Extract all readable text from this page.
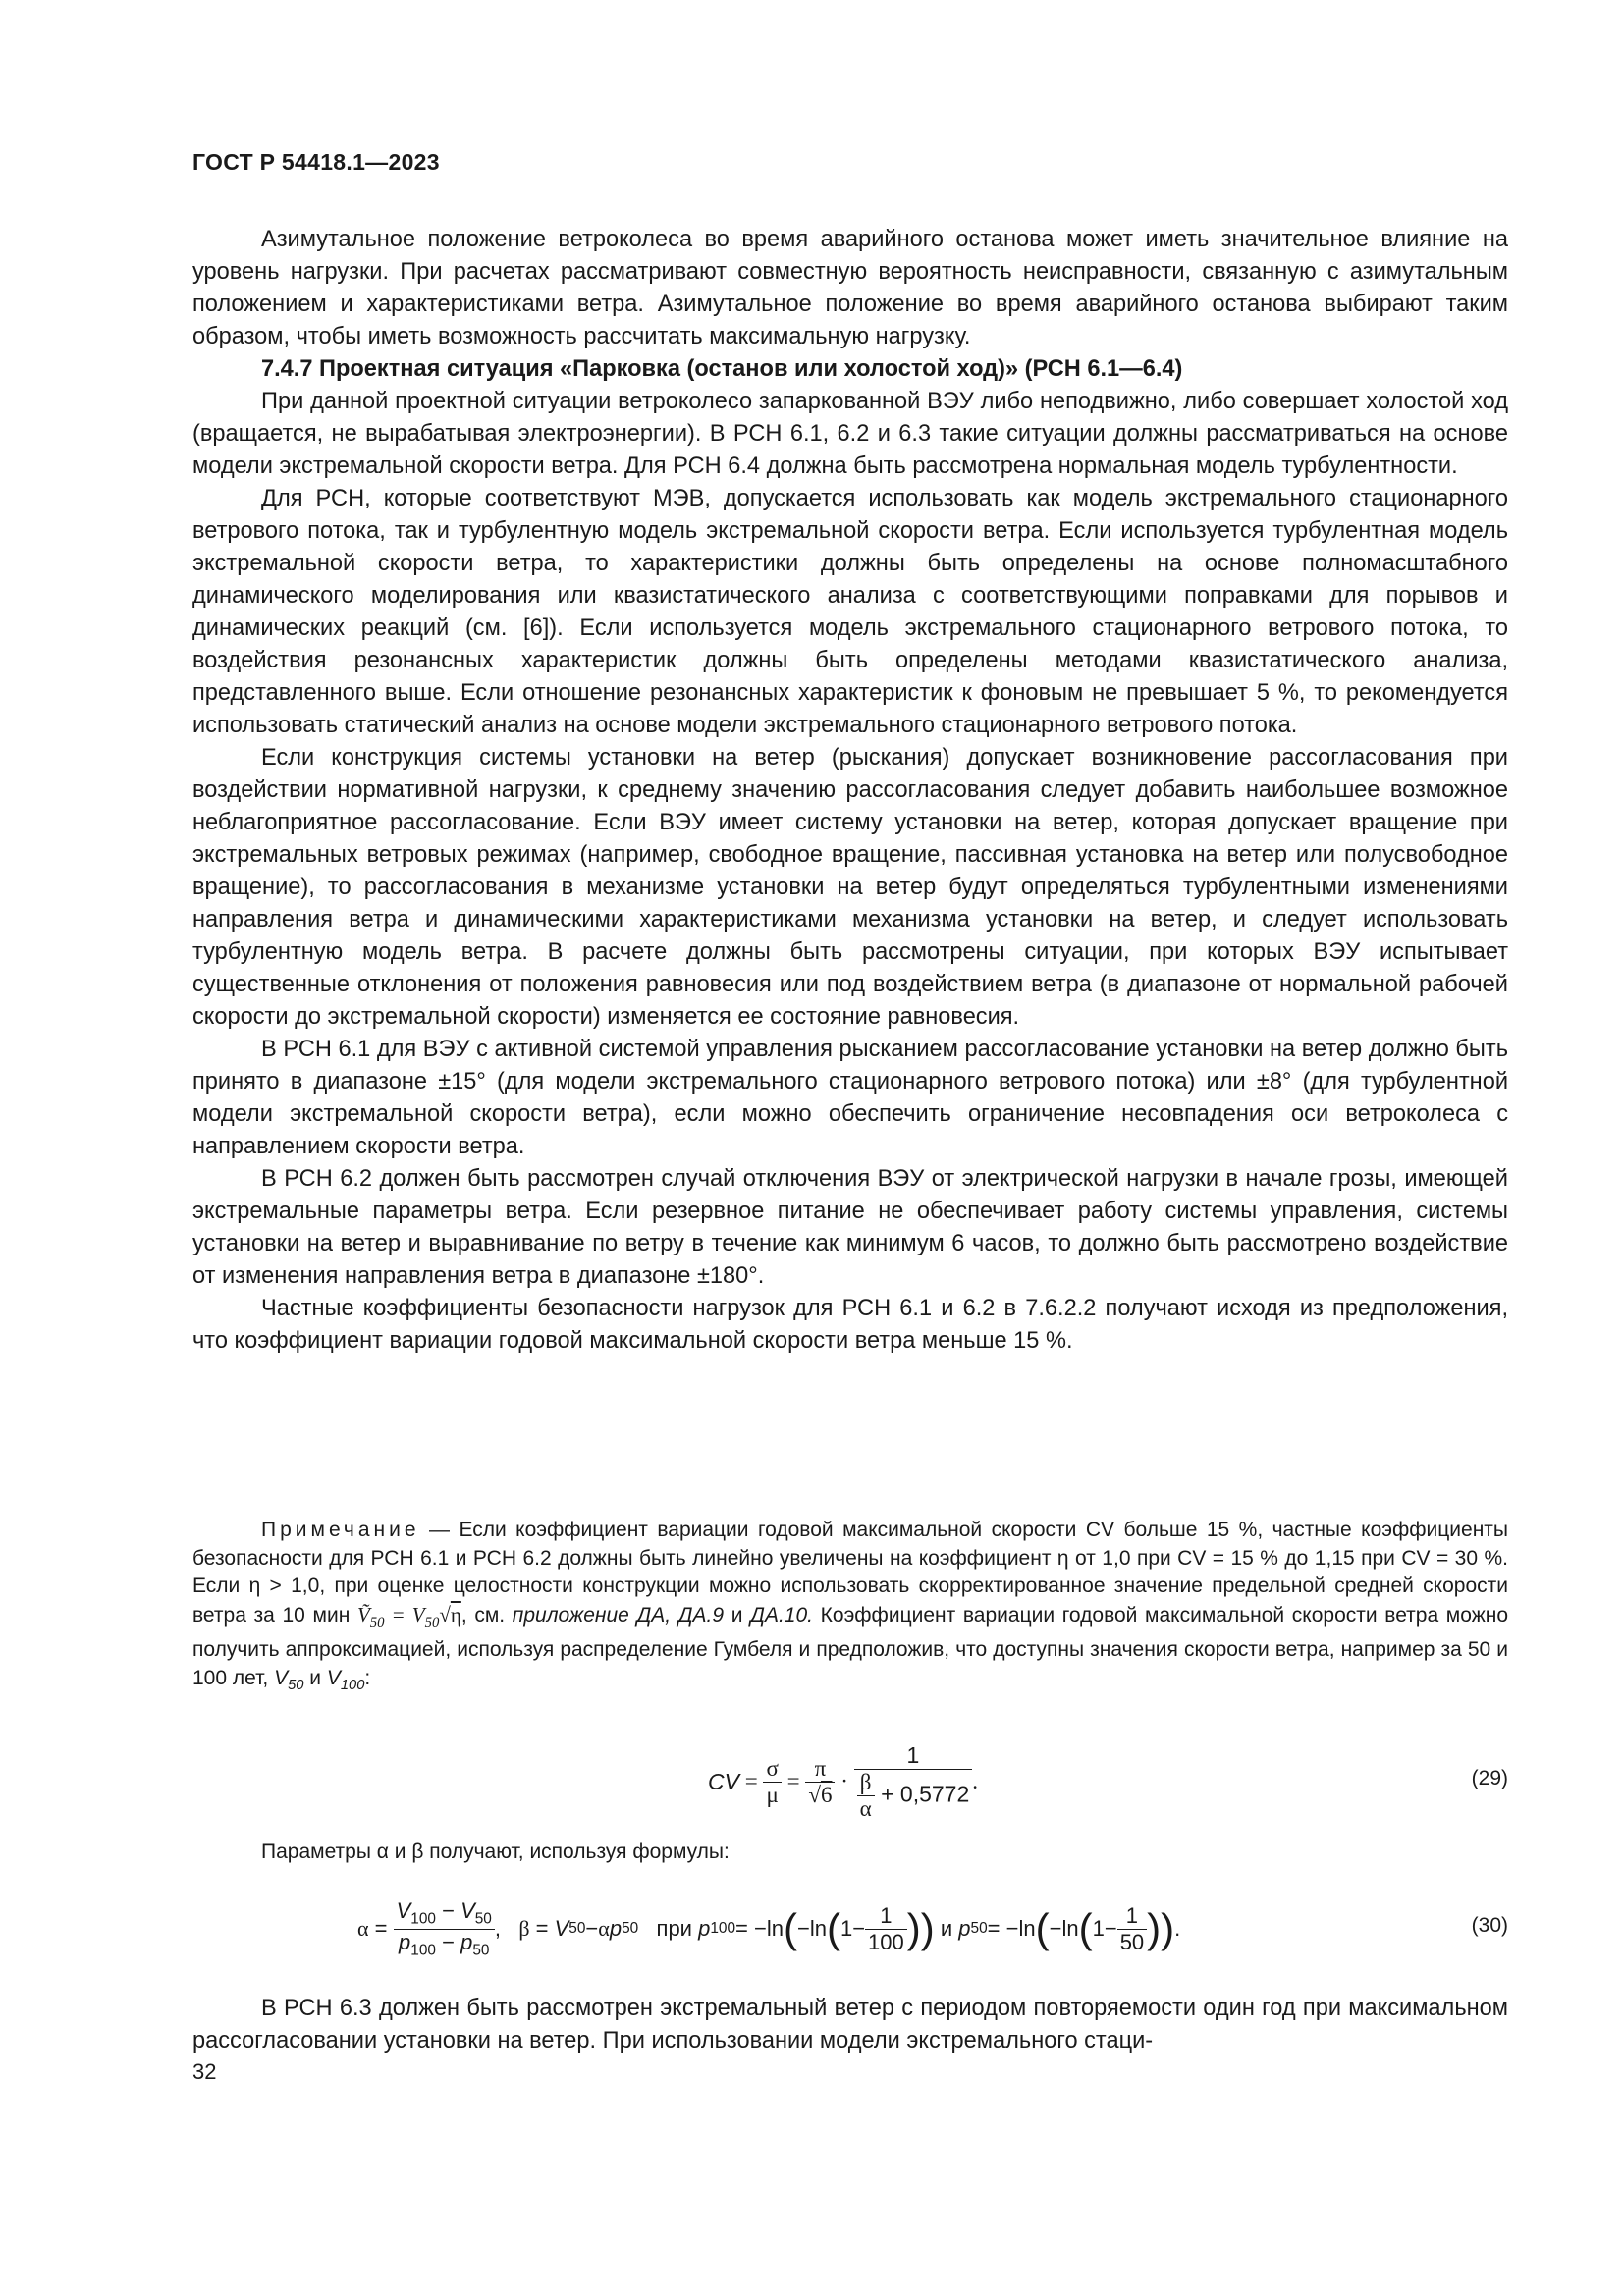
ГОСТ Р 54418.1—2023

Азимутальное положение ветроколеса во время аварийного останова может иметь значительное влияние на уровень нагрузки. При расчетах рассматривают совместную вероятность неисправности, связанную с азимутальным положением и характеристиками ветра. Азимутальное положение во время аварийного останова выбирают таким образом, чтобы иметь возможность рассчитать максимальную нагрузку.

7.4.7 Проектная ситуация «Парковка (останов или холостой ход)» (РСН 6.1—6.4)

При данной проектной ситуации ветроколесо запаркованной ВЭУ либо неподвижно, либо совершает холостой ход (вращается, не вырабатывая электроэнергии). В РСН 6.1, 6.2 и 6.3 такие ситуации должны рассматриваться на основе модели экстремальной скорости ветра. Для РСН 6.4 должна быть рассмотрена нормальная модель турбулентности.

Для РСН, которые соответствуют МЭВ, допускается использовать как модель экстремального стационарного ветрового потока, так и турбулентную модель экстремальной скорости ветра. Если используется турбулентная модель экстремальной скорости ветра, то характеристики должны быть определены на основе полномасштабного динамического моделирования или квазистатического анализа с соответствующими поправками для порывов и динамических реакций (см. [6]). Если используется модель экстремального стационарного ветрового потока, то воздействия резонансных характеристик должны быть определены методами квазистатического анализа, представленного выше. Если отношение резонансных характеристик к фоновым не превышает 5 %, то рекомендуется использовать статический анализ на основе модели экстремального стационарного ветрового потока.

Если конструкция системы установки на ветер (рыскания) допускает возникновение рассогласования при воздействии нормативной нагрузки, к среднему значению рассогласования следует добавить наибольшее возможное неблагоприятное рассогласование. Если ВЭУ имеет систему установки на ветер, которая допускает вращение при экстремальных ветровых режимах (например, свободное вращение, пассивная установка на ветер или полусвободное вращение), то рассогласования в механизме установки на ветер будут определяться турбулентными изменениями направления ветра и динамическими характеристиками механизма установки на ветер, и следует использовать турбулентную модель ветра. В расчете должны быть рассмотрены ситуации, при которых ВЭУ испытывает существенные отклонения от положения равновесия или под воздействием ветра (в диапазоне от нормальной рабочей скорости до экстремальной скорости) изменяется ее состояние равновесия.

В РСН 6.1 для ВЭУ с активной системой управления рысканием рассогласование установки на ветер должно быть принято в диапазоне ±15° (для модели экстремального стационарного ветрового потока) или ±8° (для турбулентной модели экстремальной скорости ветра), если можно обеспечить ограничение несовпадения оси ветроколеса с направлением скорости ветра.

В РСН 6.2 должен быть рассмотрен случай отключения ВЭУ от электрической нагрузки в начале грозы, имеющей экстремальные параметры ветра. Если резервное питание не обеспечивает работу системы управления, системы установки на ветер и выравнивание по ветру в течение как минимум 6 часов, то должно быть рассмотрено воздействие от изменения направления ветра в диапазоне ±180°.

Частные коэффициенты безопасности нагрузок для РСН 6.1 и 6.2 в 7.6.2.2 получают исходя из предположения, что коэффициент вариации годовой максимальной скорости ветра меньше 15 %.

Примечание — Если коэффициент вариации годовой максимальной скорости CV больше 15 %, частные коэффициенты безопасности для РСН 6.1 и РСН 6.2 должны быть линейно увеличены на коэффициент η от 1,0 при CV = 15 % до 1,15 при CV = 30 %. Если η > 1,0, при оценке целостности конструкции можно использовать скорректированное значение предельной средней скорости ветра за 10 мин Ṽ$_{50}$ = $V_{50}√\eta$, см. приложение ДА, ДА.9 и ДА.10. Коэффициент вариации годовой максимальной скорости ветра можно получить аппроксимацией, используя распределение Гумбеля и предположив, что доступны значения скорости ветра, например за 50 и 100 лет, $V_{50}$ и $V_{100}$:

CV = $\frac{\sigma}{\mu} = \frac{\pi}{√6} \cdot \frac{1}{\frac{\beta}{\alpha} + 0,5772}$ .	(29)
Параметры α и β получают, используя формулы:
$\alpha = \frac{V_{100} - V_{50}}{p_{100} - p_{50}}$ , β = V 50 − α p 50
при
p 100 = −ln ( −ln ( $1- \frac{1}{100}$ ))
и
p 50 = −ln ( −ln ( $1- \frac{1}{50}$ )) .	(30)

В РСН 6.3 должен быть рассмотрен экстремальный ветер с периодом повторяемости один год при максимальном рассогласовании установки на ветер. При использовании модели экстремального стаци-

32
